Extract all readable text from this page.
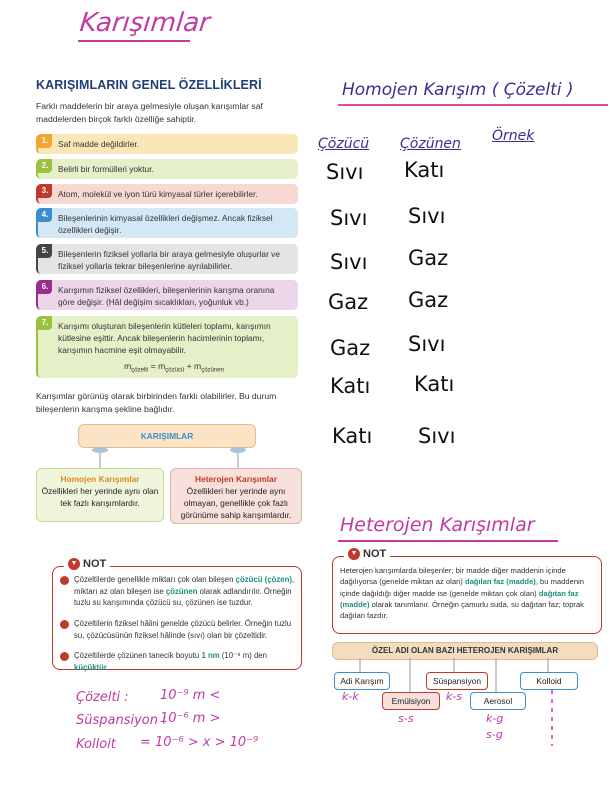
Karışımlar
KARIŞIMLARIN GENEL ÖZELLİKLERİ
Farklı maddelerin bir araya gelmesiyle oluşan karışımlar saf maddelerden birçok farklı özelliğe sahiptir.
1.	Saf madde değildirler.
2.	Belirli bir formülleri yoktur.
3.	Atom, molekül ve iyon türü kimyasal türler içerebilirler.
4.	Bileşenlerinin kimyasal özellikleri değişmez. Ancak fiziksel özellikleri değişir.
5.	Bileşenlerin fiziksel yollarla bir araya gelmesiyle oluşurlar ve fiziksel yollarla tekrar bileşenlerine ayrılabilirler.
6.	Karışımın fiziksel özellikleri, bileşenlerinin karışma oranına göre değişir. (Hâl değişim sıcaklıkları, yoğunluk vb.)
7.	Karışımı oluşturan bileşenlerin kütleleri toplamı, karışımın kütlesine eşittir. Ancak bileşenlerin hacimlerinin toplamı, karışımın hacmine eşit olmayabilir.
$m_{çözelti} = m_{çözücü} + m_{çözünen}$
Karışımlar görünüş olarak birbirinden farklı olabilirler. Bu durum bileşenlerin karışma şekline bağlıdır.
KARIŞIMLAR
Homojen Karışımlar
Özellikleri her yerinde aynı olan tek fazlı karışımlardır.
Heterojen Karışımlar
Özellikleri her yerinde aynı olmayan, genellikle çok fazlı görünüme sahip karışımlardır.
▼ NOT
Çözeltilerde genellikle miktarı çok olan bileşen çözücü (çözen), miktarı az olan bileşen ise çözünen olarak adlandırılır. Örneğin tuzlu su karışımında çözücü su, çözünen ise tuzdur.
Çözeltilerin fiziksel hâlini genelde çözücü belirler. Örneğin tuzlu su, çözücüsünün fiziksel hâlinde (sıvı) olan bir çözeltidir.
Çözeltilerde çözünen tanecik boyutu 1 nm (10⁻⁹ m) den küçüktür.
Çözelti : 10⁻⁹ m <
Süspansiyon :
10⁻⁶ m >
Kolloit = 10⁻⁶ > x > 10⁻⁹
Homojen Karışım ( Çözelti )
Çözücü Çözünen Örnek
Sıvı Katı
Sıvı Sıvı
Sıvı Gaz
Gaz Gaz
Gaz Sıvı
Katı Katı
Katı Sıvı
Heterojen Karışımlar
▼ NOT
Heterojen karışımlarda bileşenler; bir madde diğer maddenin içinde dağılıyorsa (genelde miktarı az olan) dağılan faz (madde), bu maddenin içinde dağıldığı diğer madde ise (genelde miktarı çok olan) dağıtan faz (madde) olarak tanımlanır. Örneğin çamurlu suda, su dağıtan faz; toprak dağılan fazdır.
ÖZEL ADI OLAN BAZI HETEROJEN KARIŞIMLAR
Adi Karışım
Emülsiyon
Süspansiyon
Aerosol
Kolloid
k-k
s-s
k-s
k-g
s-g
